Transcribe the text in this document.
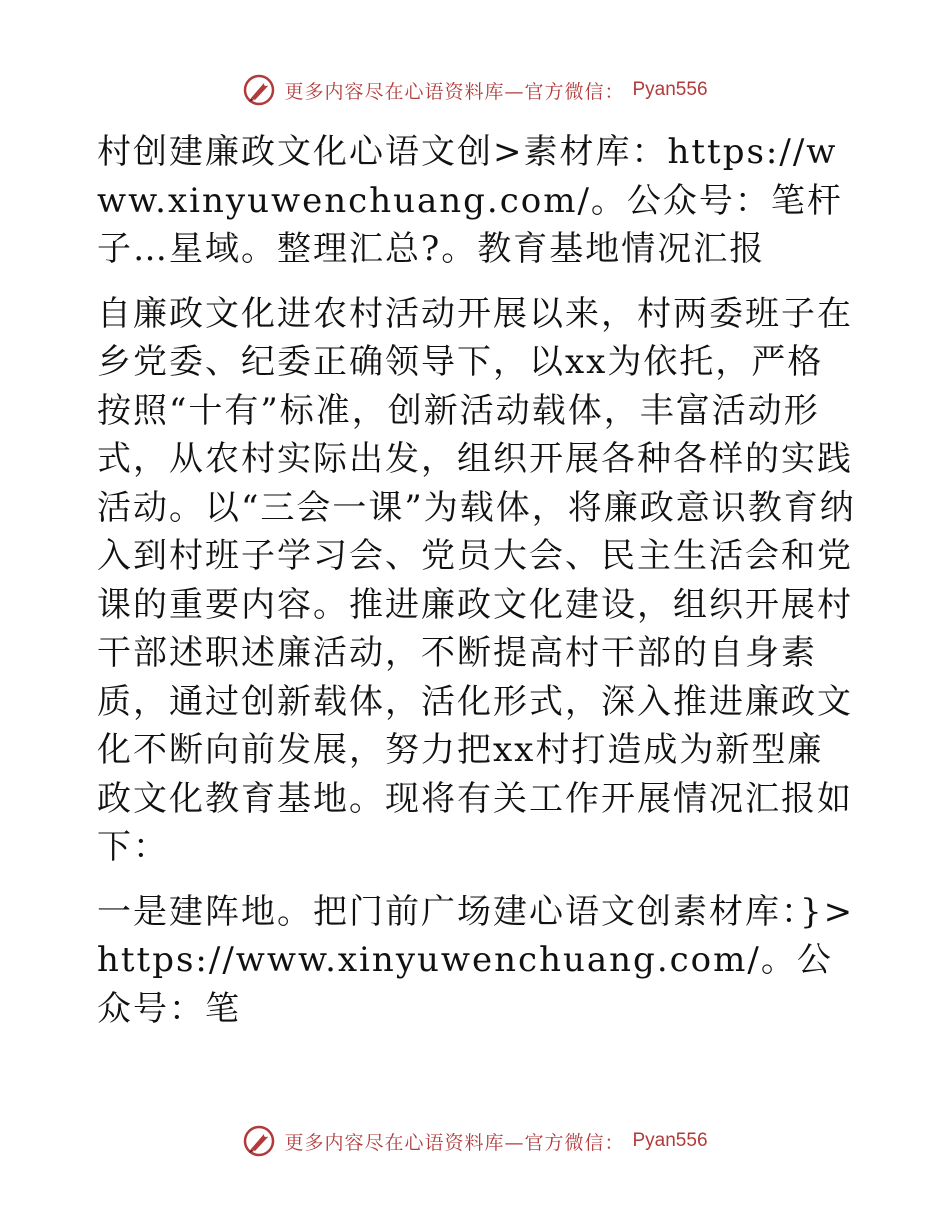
更多内容尽在心语资料库—官方微信： Pyan556

村创建廉政文化心语文创>素材库：https://www.xinyuwenchuang.com/。公众号：笔杆子…星域。整理汇总?。教育基地情况汇报

自廉政文化进农村活动开展以来，村两委班子在乡党委、纪委正确领导下，以xx为依托，严格按照“十有”标准，创新活动载体，丰富活动形式，从农村实际出发，组织开展各种各样的实践活动。以“三会一课”为载体，将廉政意识教育纳入到村班子学习会、党员大会、民主生活会和党课的重要内容。推进廉政文化建设，组织开展村干部述职述廉活动，不断提高村干部的自身素质，通过创新载体，活化形式，深入推进廉政文化不断向前发展，努力把xx村打造成为新型廉政文化教育基地。现将有关工作开展情况汇报如下：

一是建阵地。把门前广场建心语文创素材库：}>https://www.xinyuwenchuang.com/。公众号：笔

更多内容尽在心语资料库—官方微信： Pyan556
